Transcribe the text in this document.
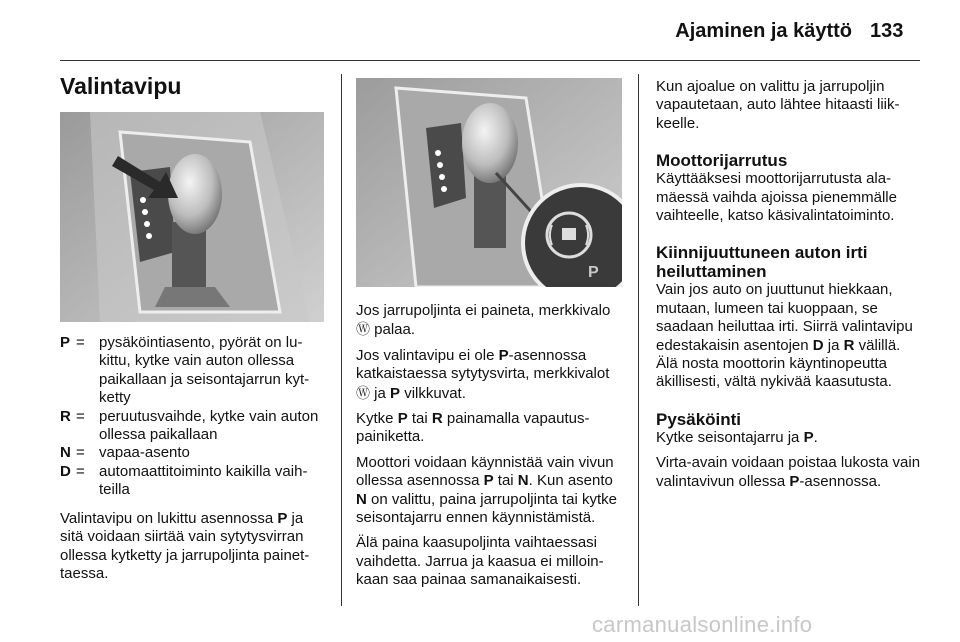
Ajaminen ja käyttö 133
Valintavipu
P
P = pysäköintiasento, pyörät on lukittu, kytke vain auton ollessa paikallaan ja seisontajarrun kytketty
R = peruutusvaihde, kytke vain auton ollessa paikallaan
N = vapaa-asento
D = automaattitoiminto kaikilla vaihteilla

Valintavipu on lukittu asennossa P ja sitä voidaan siirtää vain sytytysvirran ollessa kytketty ja jarrupoljinta painettaessa.

Jos jarrupoljinta ei paineta, merkkivalo Ⓦ palaa.

Jos valintavipu ei ole P-asennossa katkaistaessa sytytysvirta, merkkivalot Ⓦ ja P vilkkuvat.

Kytke P tai R painamalla vapautuspainiketta.

Moottori voidaan käynnistää vain vivun ollessa asennossa P tai N. Kun asento N on valittu, paina jarrupoljinta tai kytke seisontajarru ennen käynnistämistä.

Älä paina kaasupoljinta vaihtaessasi vaihdetta. Jarrua ja kaasua ei milloinkaan saa painaa samanaikaisesti.

Kun ajoalue on valittu ja jarrupoljin vapautetaan, auto lähtee hitaasti liikkeelle.

Moottorijarrutus

Käyttääksesi moottorijarrutusta alamäessä vaihda ajoissa pienemmälle vaihteelle, katso käsivalintatoiminto.

Kiinnijuuttuneen auton irti heiluttaminen

Vain jos auto on juuttunut hiekkaan, mutaan, lumeen tai kuoppaan, se saadaan heiluttaa irti. Siirrä valintavipu edestakaisin asentojen D ja R välillä. Älä nosta moottorin käyntinopeutta äkillisesti, vältä nykivää kaasutusta.

Pysäköinti

Kytke seisontajarru ja P.

Virta-avain voidaan poistaa lukosta vain valintavivun ollessa P-asennossa.

carmanualsonline.info
